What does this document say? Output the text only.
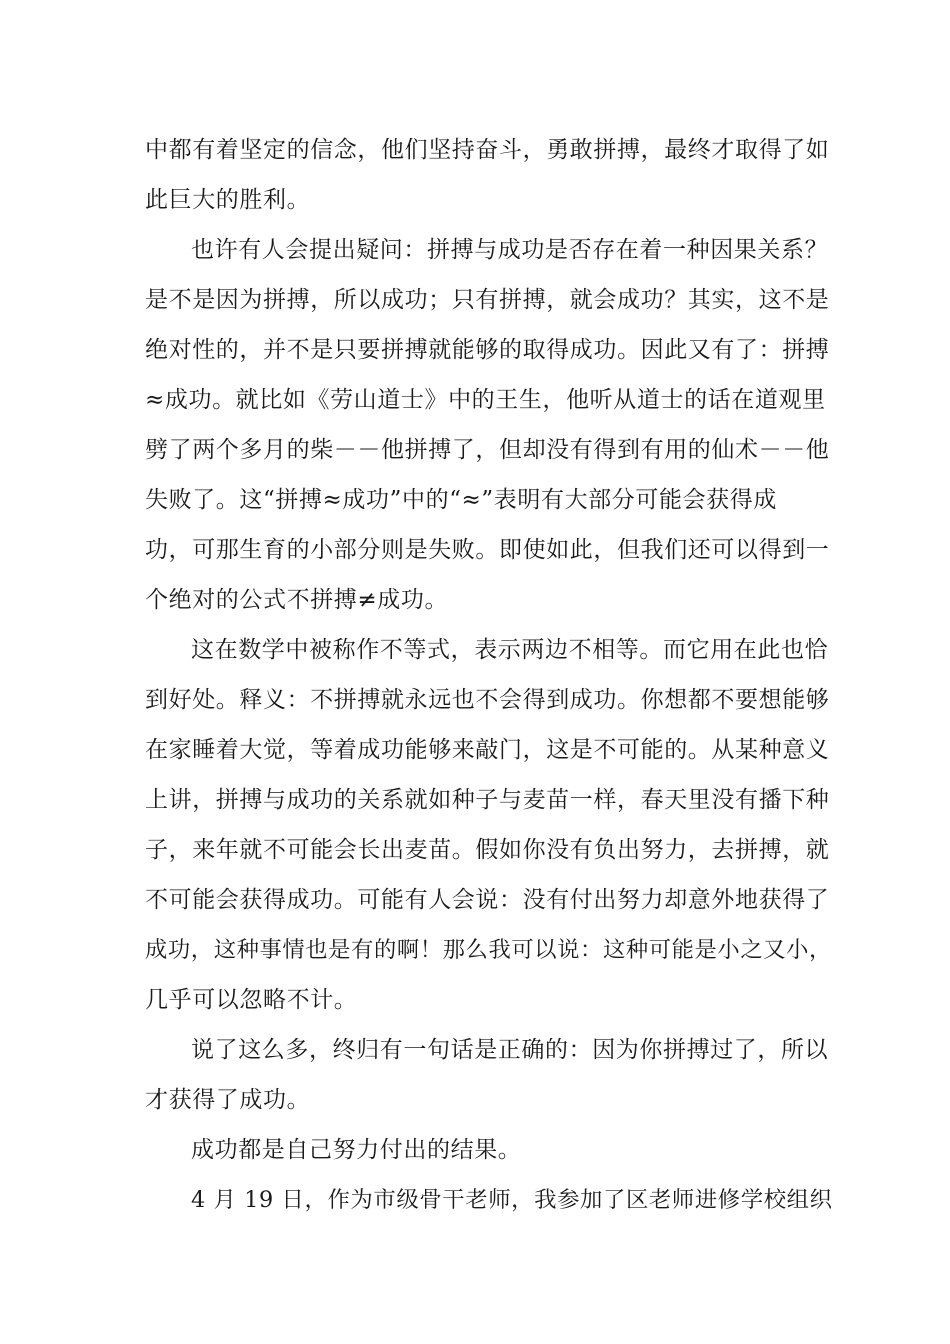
中都有着坚定的信念，他们坚持奋斗，勇敢拼搏，最终才取得了如
此巨大的胜利。
也许有人会提出疑问：拼搏与成功是否存在着一种因果关系？
是不是因为拼搏，所以成功；只有拼搏，就会成功？其实，这不是
绝对性的，并不是只要拼搏就能够的取得成功。因此又有了：拼搏
≈成功。就比如《劳山道士》中的王生，他听从道士的话在道观里
劈了两个多月的柴－－他拼搏了，但却没有得到有用的仙术－－他
失败了。这“拼搏≈成功”中的“≈”表明有大部分可能会获得成
功，可那生育的小部分则是失败。即使如此，但我们还可以得到一
个绝对的公式不拼搏≠成功。
这在数学中被称作不等式，表示两边不相等。而它用在此也恰
到好处。释义：不拼搏就永远也不会得到成功。你想都不要想能够
在家睡着大觉，等着成功能够来敲门，这是不可能的。从某种意义
上讲，拼搏与成功的关系就如种子与麦苗一样，春天里没有播下种
子，来年就不可能会长出麦苗。假如你没有负出努力，去拼搏，就
不可能会获得成功。可能有人会说：没有付出努力却意外地获得了
成功，这种事情也是有的啊！那么我可以说：这种可能是小之又小，
几乎可以忽略不计。
说了这么多，终归有一句话是正确的：因为你拼搏过了，所以
才获得了成功。
成功都是自己努力付出的结果。
4 月 19 日，作为市级骨干老师，我参加了区老师进修学校组织
